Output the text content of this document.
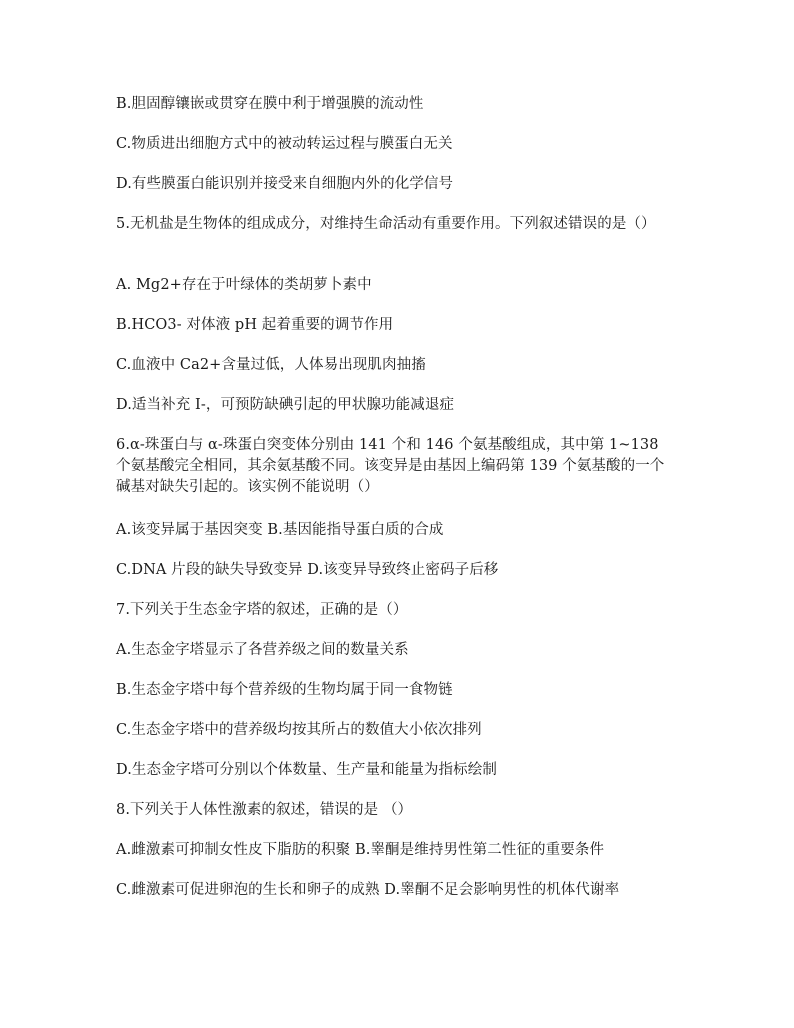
B.胆固醇镶嵌或贯穿在膜中利于增强膜的流动性
C.物质进出细胞方式中的被动转运过程与膜蛋白无关
D.有些膜蛋白能识别并接受来自细胞内外的化学信号
5.无机盐是生物体的组成成分，对维持生命活动有重要作用。下列叙述错误的是（）
A. Mg2+存在于叶绿体的类胡萝卜素中
B.HCO3- 对体液 pH 起着重要的调节作用
C.血液中 Ca2+含量过低，人体易出现肌肉抽搐
D.适当补充 I-，可预防缺碘引起的甲状腺功能减退症
6.α-珠蛋白与 α-珠蛋白突变体分别由 141 个和 146 个氨基酸组成，其中第 1~138 个氨基酸完全相同，其余氨基酸不同。该变异是由基因上编码第 139 个氨基酸的一个碱基对缺失引起的。该实例不能说明（）
A.该变异属于基因突变 B.基因能指导蛋白质的合成
C.DNA 片段的缺失导致变异 D.该变异导致终止密码子后移
7.下列关于生态金字塔的叙述，正确的是（）
A.生态金字塔显示了各营养级之间的数量关系
B.生态金字塔中每个营养级的生物均属于同一食物链
C.生态金字塔中的营养级均按其所占的数值大小依次排列
D.生态金字塔可分别以个体数量、生产量和能量为指标绘制
8.下列关于人体性激素的叙述，错误的是 （）
A.雌激素可抑制女性皮下脂肪的积聚 B.睾酮是维持男性第二性征的重要条件
C.雌激素可促进卵泡的生长和卵子的成熟 D.睾酮不足会影响男性的机体代谢率
